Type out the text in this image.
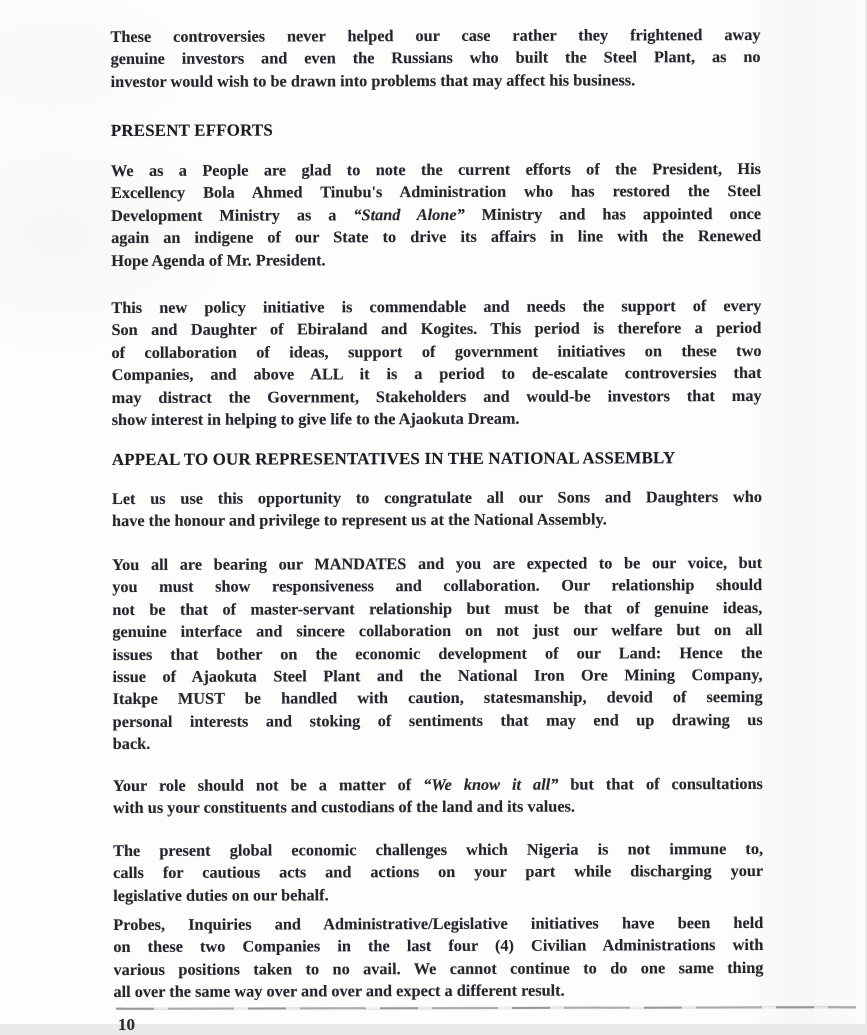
These controversies never helped our case rather they frightened away
genuine investors and even the Russians who built the Steel Plant, as no
investor would wish to be drawn into problems that may affect his business.
PRESENT EFFORTS
We as a People are glad to note the current efforts of the President, His
Excellency Bola Ahmed Tinubu's Administration who has restored the Steel
Development Ministry as a “Stand Alone” Ministry and has appointed once
again an indigene of our State to drive its affairs in line with the Renewed
Hope Agenda of Mr. President.
This new policy initiative is commendable and needs the support of every
Son and Daughter of Ebiraland and Kogites. This period is therefore a period
of collaboration of ideas, support of government initiatives on these two
Companies, and above ALL it is a period to de-escalate controversies that
may distract the Government, Stakeholders and would-be investors that may
show interest in helping to give life to the Ajaokuta Dream.
APPEAL TO OUR REPRESENTATIVES IN THE NATIONAL ASSEMBLY
Let us use this opportunity to congratulate all our Sons and Daughters who
have the honour and privilege to represent us at the National Assembly.
You all are bearing our MANDATES and you are expected to be our voice, but
you must show responsiveness and collaboration. Our relationship should
not be that of master-servant relationship but must be that of genuine ideas,
genuine interface and sincere collaboration on not just our welfare but on all
issues that bother on the economic development of our Land: Hence the
issue of Ajaokuta Steel Plant and the National Iron Ore Mining Company,
Itakpe MUST be handled with caution, statesmanship, devoid of seeming
personal interests and stoking of sentiments that may end up drawing us
back.
Your role should not be a matter of “We know it all” but that of consultations
with us your constituents and custodians of the land and its values.
The present global economic challenges which Nigeria is not immune to,
calls for cautious acts and actions on your part while discharging your
legislative duties on our behalf.
Probes, Inquiries and Administrative/Legislative initiatives have been held
on these two Companies in the last four (4) Civilian Administrations with
various positions taken to no avail. We cannot continue to do one same thing
all over the same way over and over and expect a different result.
10
